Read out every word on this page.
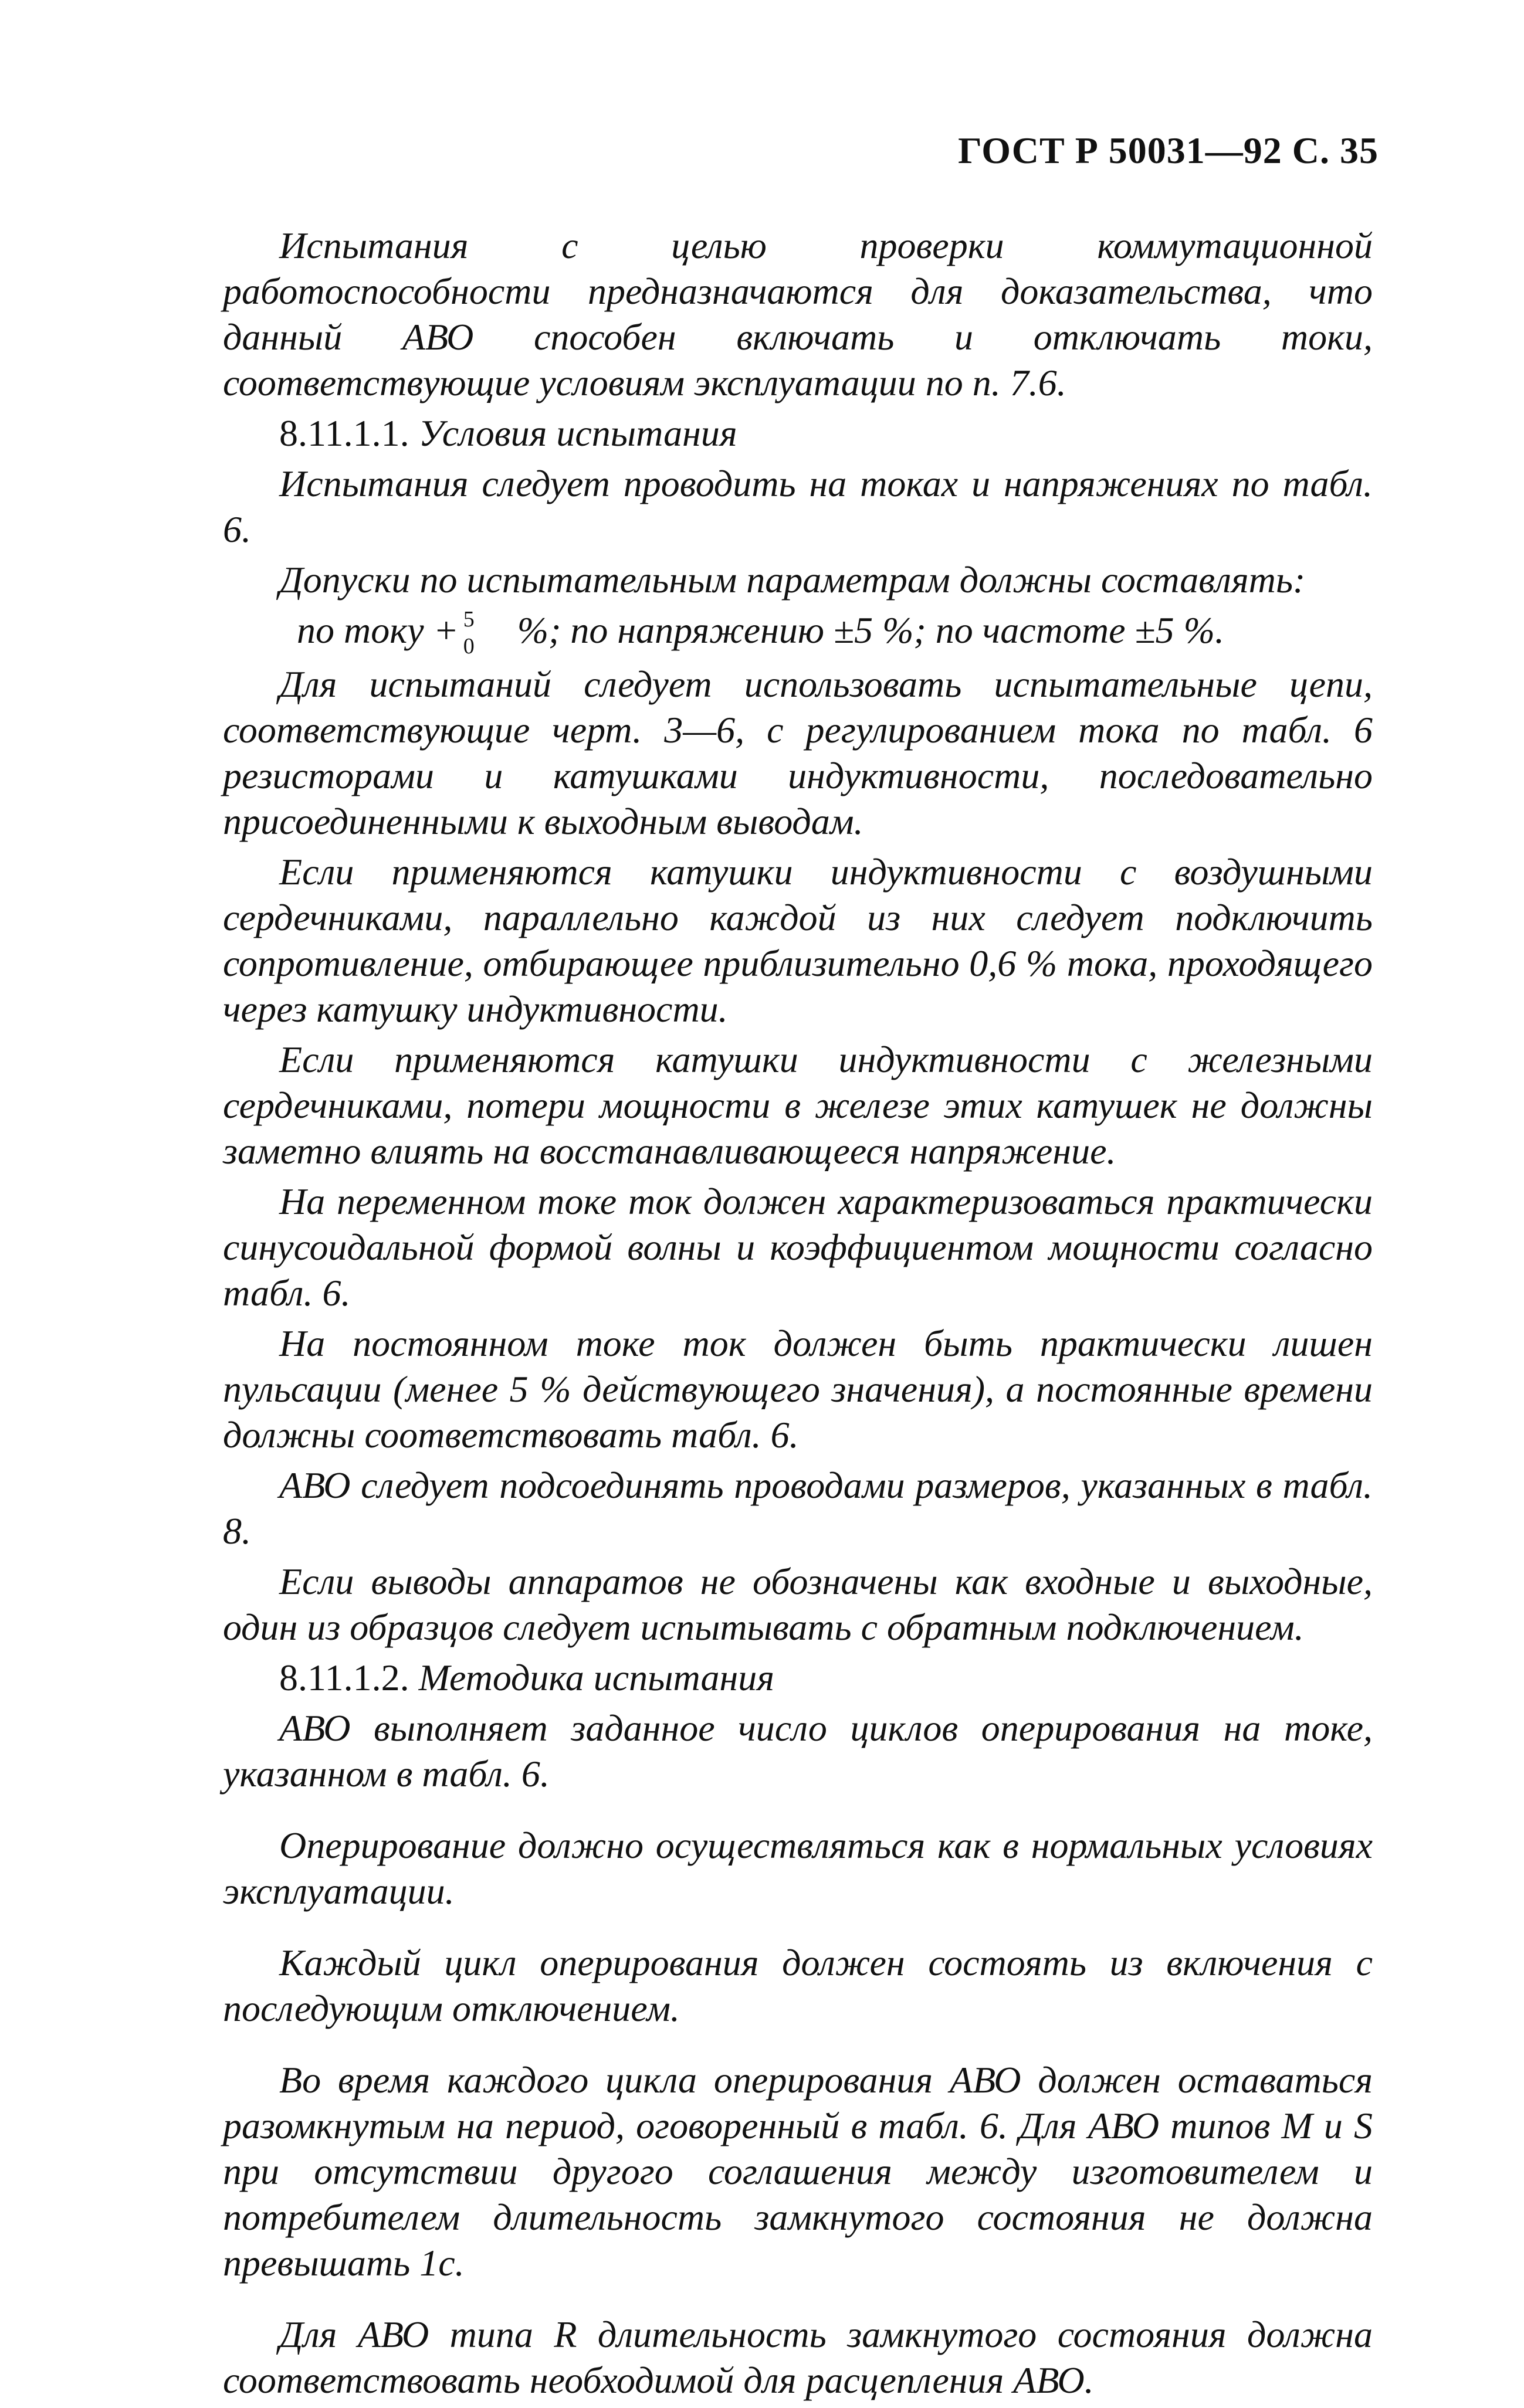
ГОСТ Р 50031—92 С. 35

Испытания с целью проверки коммутационной работоспособности предназначаются для доказательства, что данный АВО способен включать и отключать токи, соответствующие условиям эксплуатации по п. 7.6.

8.11.1.1. Условия испытания

Испытания следует проводить на токах и напряжениях по табл. 6.

Допуски по испытательным параметрам должны составлять:

по току + 5
0 %; по напряжению ±5 %; по частоте ±5 %.

Для испытаний следует использовать испытательные цепи, соответствующие черт. 3—6, с регулированием тока по табл. 6 резисторами и катушками индуктивности, последовательно присоединенными к выходным выводам.

Если применяются катушки индуктивности с воздушными сердечниками, параллельно каждой из них следует подключить сопротивление, отбирающее приблизительно 0,6 % тока, проходящего через катушку индуктивности.

Если применяются катушки индуктивности с железными сердечниками, потери мощности в железе этих катушек не должны заметно влиять на восстанавливающееся напряжение.

На переменном токе ток должен характеризоваться практически синусоидальной формой волны и коэффициентом мощности согласно табл. 6.

На постоянном токе ток должен быть практически лишен пульсации (менее 5 % действующего значения), а постоянные времени должны соответствовать табл. 6.

АВО следует подсоединять проводами размеров, указанных в табл. 8.

Если выводы аппаратов не обозначены как входные и выходные, один из образцов следует испытывать с обратным подключением.

8.11.1.2. Методика испытания

АВО выполняет заданное число циклов оперирования на токе, указанном в табл. 6.

Оперирование должно осуществляться как в нормальных условиях эксплуатации.

Каждый цикл оперирования должен состоять из включения с последующим отключением.

Во время каждого цикла оперирования АВО должен оставаться разомкнутым на период, оговоренный в табл. 6. Для АВО типов M и S при отсутствии другого соглашения между изготовителем и потребителем длительность замкнутого состояния не должна превышать 1с.

Для АВО типа R длительность замкнутого состояния должна соответствовать необходимой для расцепления АВО.
